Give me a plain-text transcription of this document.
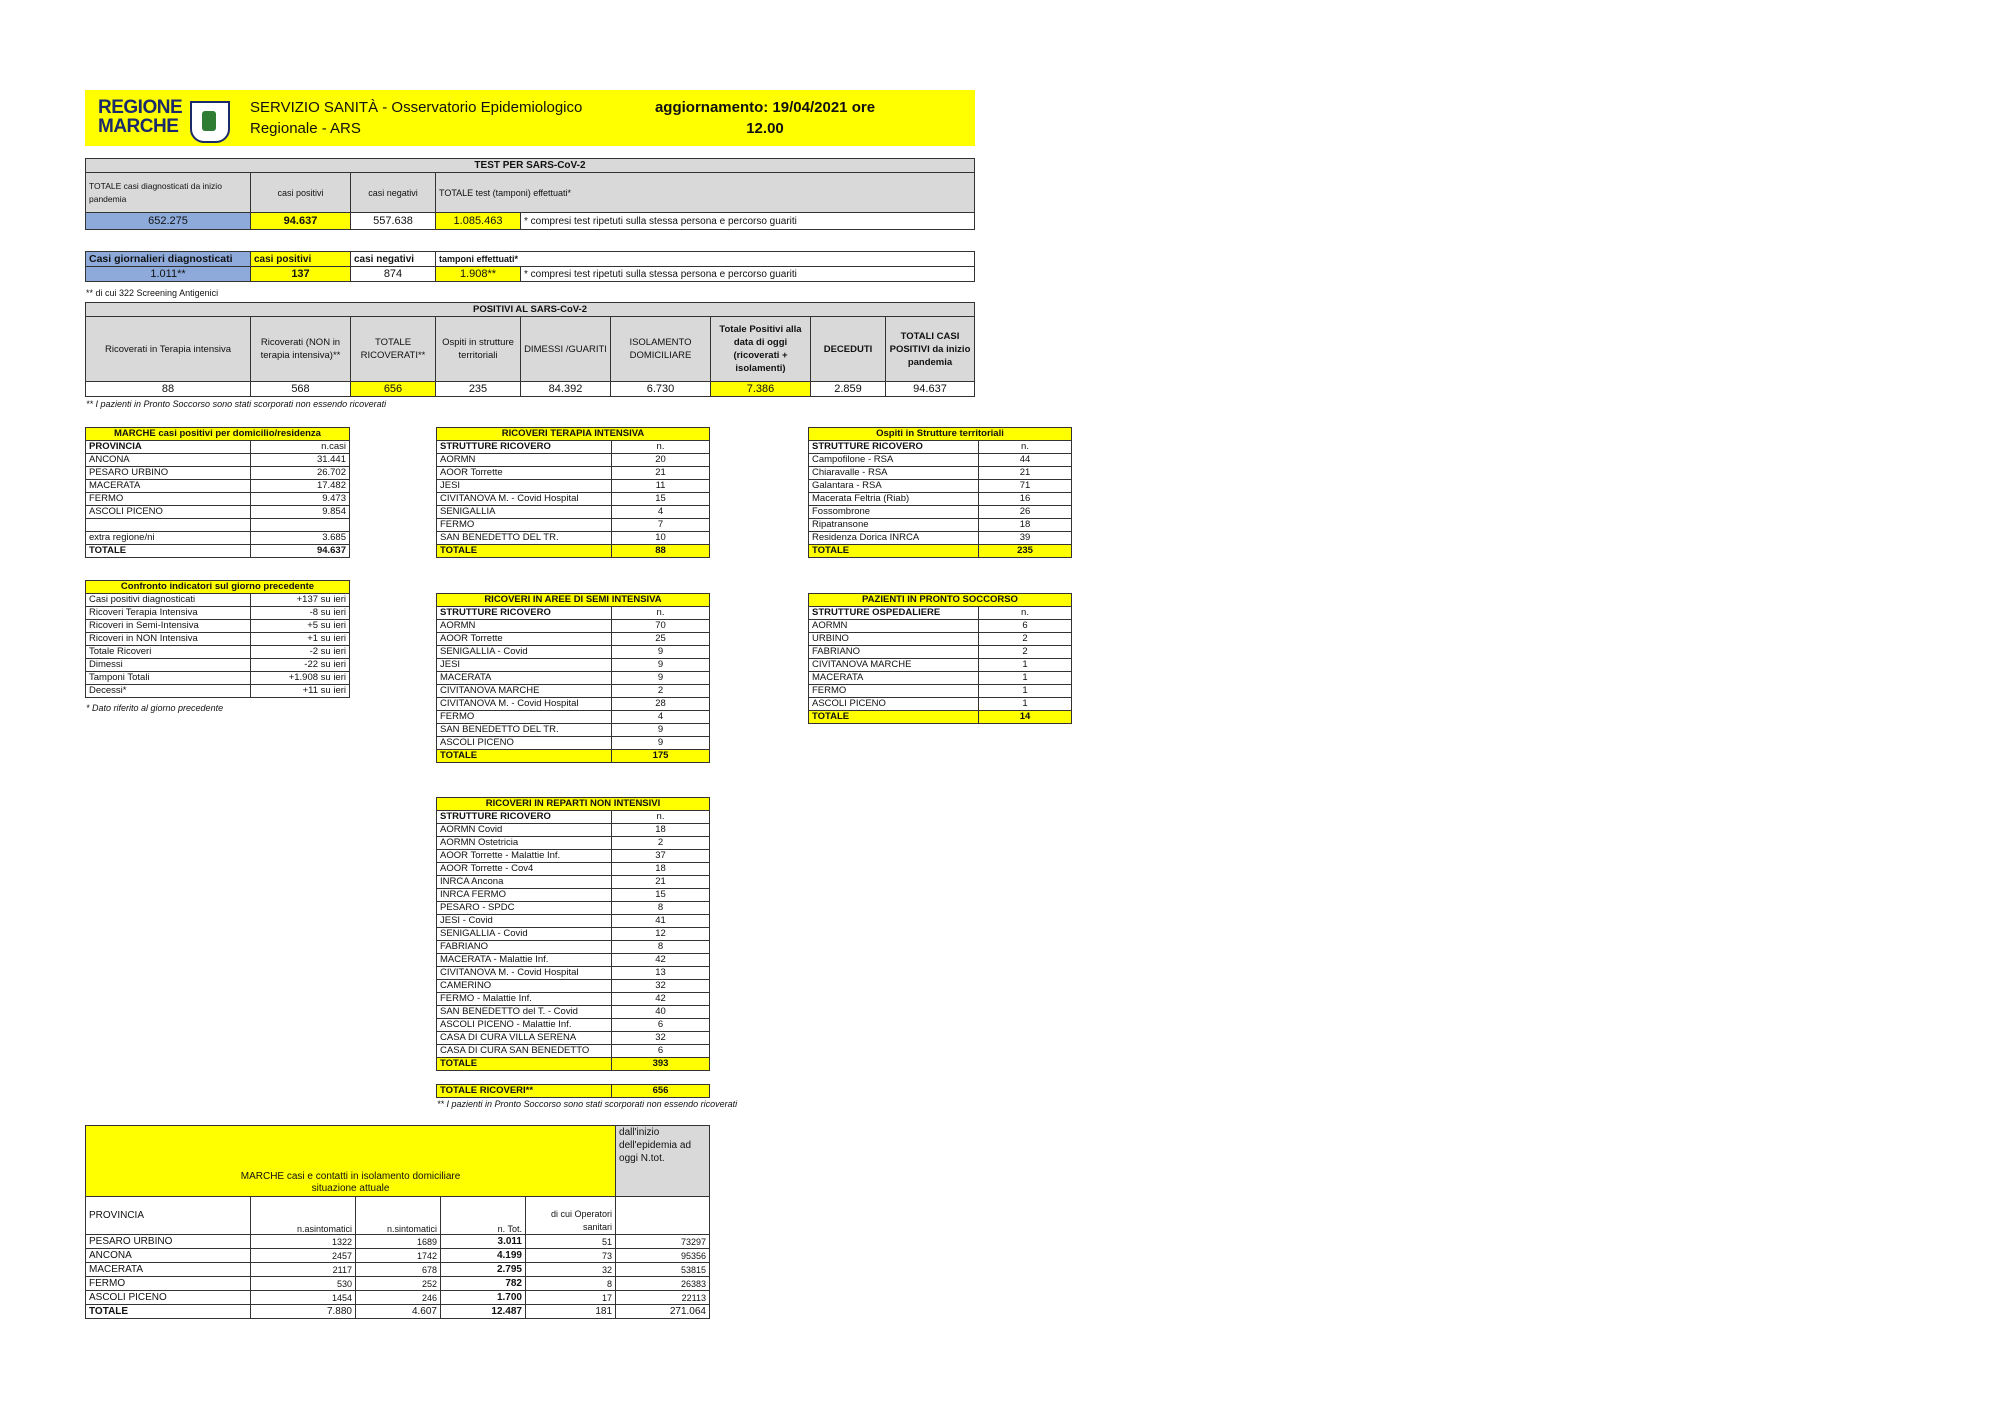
REGIONE
MARCHE
SERVIZIO SANITÀ - Osservatorio Epidemiologico
Regionale - ARS
aggiornamento: 19/04/2021 ore
12.00
TEST PER SARS-CoV-2				
TOTALE casi diagnosticati da inizio pandemia	casi positivi	casi negativi	TOTALE test (tamponi) effettuati*	
652.275	94.637	557.638	1.085.463	* compresi test ripetuti sulla stessa persona e percorso guariti
Casi giornalieri diagnosticati	casi positivi	casi negativi	tamponi effettuati*	
1.011**	137	874	1.908**	* compresi test ripetuti sulla stessa persona e percorso guariti
** di cui 322 Screening Antigenici
POSITIVI AL SARS-CoV-2								
Ricoverati in Terapia intensiva	Ricoverati (NON in terapia intensiva)**	TOTALE RICOVERATI**	Ospiti in strutture territoriali	DIMESSI /GUARITI	ISOLAMENTO DOMICILIARE	Totale Positivi alla data di oggi (ricoverati + isolamenti)	DECEDUTI	TOTALI CASI POSITIVI da inizio pandemia
88	568	656	235	84.392	6.730	7.386	2.859	94.637
** I pazienti in Pronto Soccorso sono stati scorporati non essendo ricoverati
MARCHE casi positivi per domicilio/residenza	
PROVINCIA	n.casi
ANCONA	31.441
PESARO URBINO	26.702
MACERATA	17.482
FERMO	9.473
ASCOLI PICENO	9.854

extra regione/ni	3.685
TOTALE	94.637
Confronto indicatori sul giorno precedente	
Casi positivi diagnosticati	+137 su ieri
Ricoveri Terapia Intensiva	-8 su ieri
Ricoveri in Semi-Intensiva	+5 su ieri
Ricoveri in NON Intensiva	+1 su ieri
Totale Ricoveri	-2 su ieri
Dimessi	-22 su ieri
Tamponi Totali	+1.908 su ieri
Decessi*	+11 su ieri
* Dato riferito al giorno precedente
RICOVERI TERAPIA INTENSIVA	
STRUTTURE RICOVERO	n.
AORMN	20
AOOR Torrette	21
JESI	11
CIVITANOVA M. - Covid Hospital	15
SENIGALLIA	4
FERMO	7
SAN BENEDETTO DEL TR.	10
TOTALE	88
RICOVERI IN AREE DI SEMI INTENSIVA	
STRUTTURE RICOVERO	n.
AORMN	70
AOOR Torrette	25
SENIGALLIA - Covid	9
JESI	9
MACERATA	9
CIVITANOVA MARCHE	2
CIVITANOVA M. - Covid Hospital	28
FERMO	4
SAN BENEDETTO DEL TR.	9
ASCOLI PICENO	9
TOTALE	175
RICOVERI IN REPARTI NON INTENSIVI	
STRUTTURE RICOVERO	n.
AORMN Covid	18
AORMN Ostetricia	2
AOOR Torrette - Malattie Inf.	37
AOOR Torrette - Cov4	18
INRCA Ancona	21
INRCA FERMO	15
PESARO - SPDC	8
JESI - Covid	41
SENIGALLIA - Covid	12
FABRIANO	8
MACERATA - Malattie Inf.	42
CIVITANOVA M. - Covid Hospital	13
CAMERINO	32
FERMO - Malattie Inf.	42
SAN BENEDETTO del T. - Covid	40
ASCOLI PICENO - Malattie Inf.	6
CASA DI CURA VILLA SERENA	32
CASA DI CURA SAN BENEDETTO	6
TOTALE	393
TOTALE RICOVERI**	656
** I pazienti in Pronto Soccorso sono stati scorporati non essendo ricoverati
Ospiti in Strutture territoriali	
STRUTTURE RICOVERO	n.
Campofilone - RSA	44
Chiaravalle - RSA	21
Galantara - RSA	71
Macerata Feltria (Riab)	16
Fossombrone	26
Ripatransone	18
Residenza Dorica INRCA	39
TOTALE	235
PAZIENTI IN PRONTO SOCCORSO	
STRUTTURE OSPEDALIERE	n.
AORMN	6
URBINO	2
FABRIANO	2
CIVITANOVA MARCHE	1
MACERATA	1
FERMO	1
ASCOLI PICENO	1
TOTALE	14
MARCHE casi e contatti in isolamento domiciliare					dall'inizio dell'epidemia ad oggi N.tot.
situazione attuale					
PROVINCIA	n.asintomatici	n.sintomatici	n. Tot.	di cui Operatori sanitari	
PESARO URBINO	1322	1689	3.011	51	73297
ANCONA	2457	1742	4.199	73	95356
MACERATA	2117	678	2.795	32	53815
FERMO	530	252	782	8	26383
ASCOLI PICENO	1454	246	1.700	17	22113
TOTALE	7.880	4.607	12.487	181	271.064
